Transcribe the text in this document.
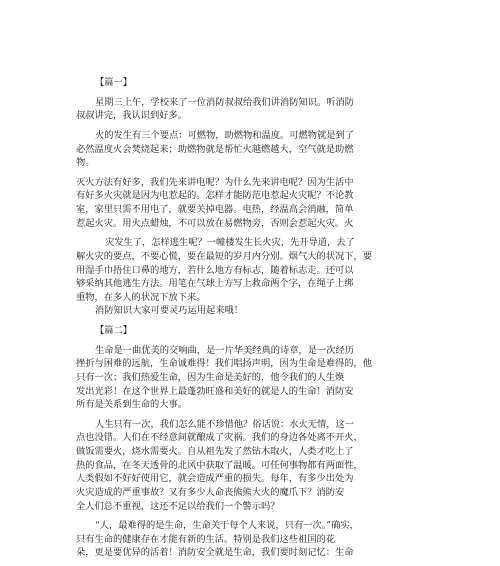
【篇一】
星期三上午，学校来了一位消防叔叔给我们讲消防知识。听消防
叔叔讲完，我认识到好多。
火的发生有三个要点：可燃物，助燃物和温度。可燃物就是到了
必然温度火会焚烧起来；助燃物就是帮忙火越燃越大，空气就是助燃
物。
灭火方法有好多，我们先来讲电呢？为什么先来讲电呢？因为生活中
有好多火灾就是因为电惹起的。怎样才能防范电惹起火灾呢？不论教
室，家里只需不用电了，就要关掉电器。电热，经温高会消融，简单
惹起火灾。用火点蜡烛，不可以放在易燃物旁，否则会惹起火灾。火
灾发生了，怎样逃生呢？一幢楼发生长火灾，先开导道，去了
解火灾的要点，不要心慌，要在最短的岁月内分别。烟气大的状况下，要
用湿手巾捂住口鼻的地方，若什么地方有标志，随着标志走。还可以
够采纳其他逃生方法。用笔在气球上方写上救命两个字，在绳子上绑
重物，在多人的状况下放下来。
消防知识大家可要灵巧运用起来哦！
【篇二】
生命是一曲优美的交响曲，是一片华美经典的诗章，是一次经历
挫折与困难的远航，生命诚难得！我们唱扬声明，因为生命是难得的，他
只有一次；我们热爱生命，因为生命是美好的，他令我们的人生焕
发出光彩！在这个世界上最蓬勃旺盛和美好的就是人的生命！消防安
所有是关系到生命的大事。
人生只有一次，我们怎么能不珍惜他？俗话说：水火无情，这一
点也没错。人们在不经意间就酿成了灾祸。我们的身边各处离不开火，
做饭需要火，烧水需要火。自从祖先发了然钻木取火，人类才吃上了
热的食品，在冬天透骨的北风中获取了温暖。可任何事物都有两面性，
人类假如不好好使用它，就会造成严重的损失。每年，有多少出处为
火灾造成的严重事故？又有多少人命丧熊熊大火的魔爪下？消防安
全人们总不重视，这还不足以给我们一个警示吗？
“人，最难得的是生命，生命关于每个人来说，只有一次。”确实，
只有生命的健康存在才能有新的生活。特别是我们这些祖国的花
朵，更是要优异的活着！消防安全就是生命，我们要时刻记忆：生命
